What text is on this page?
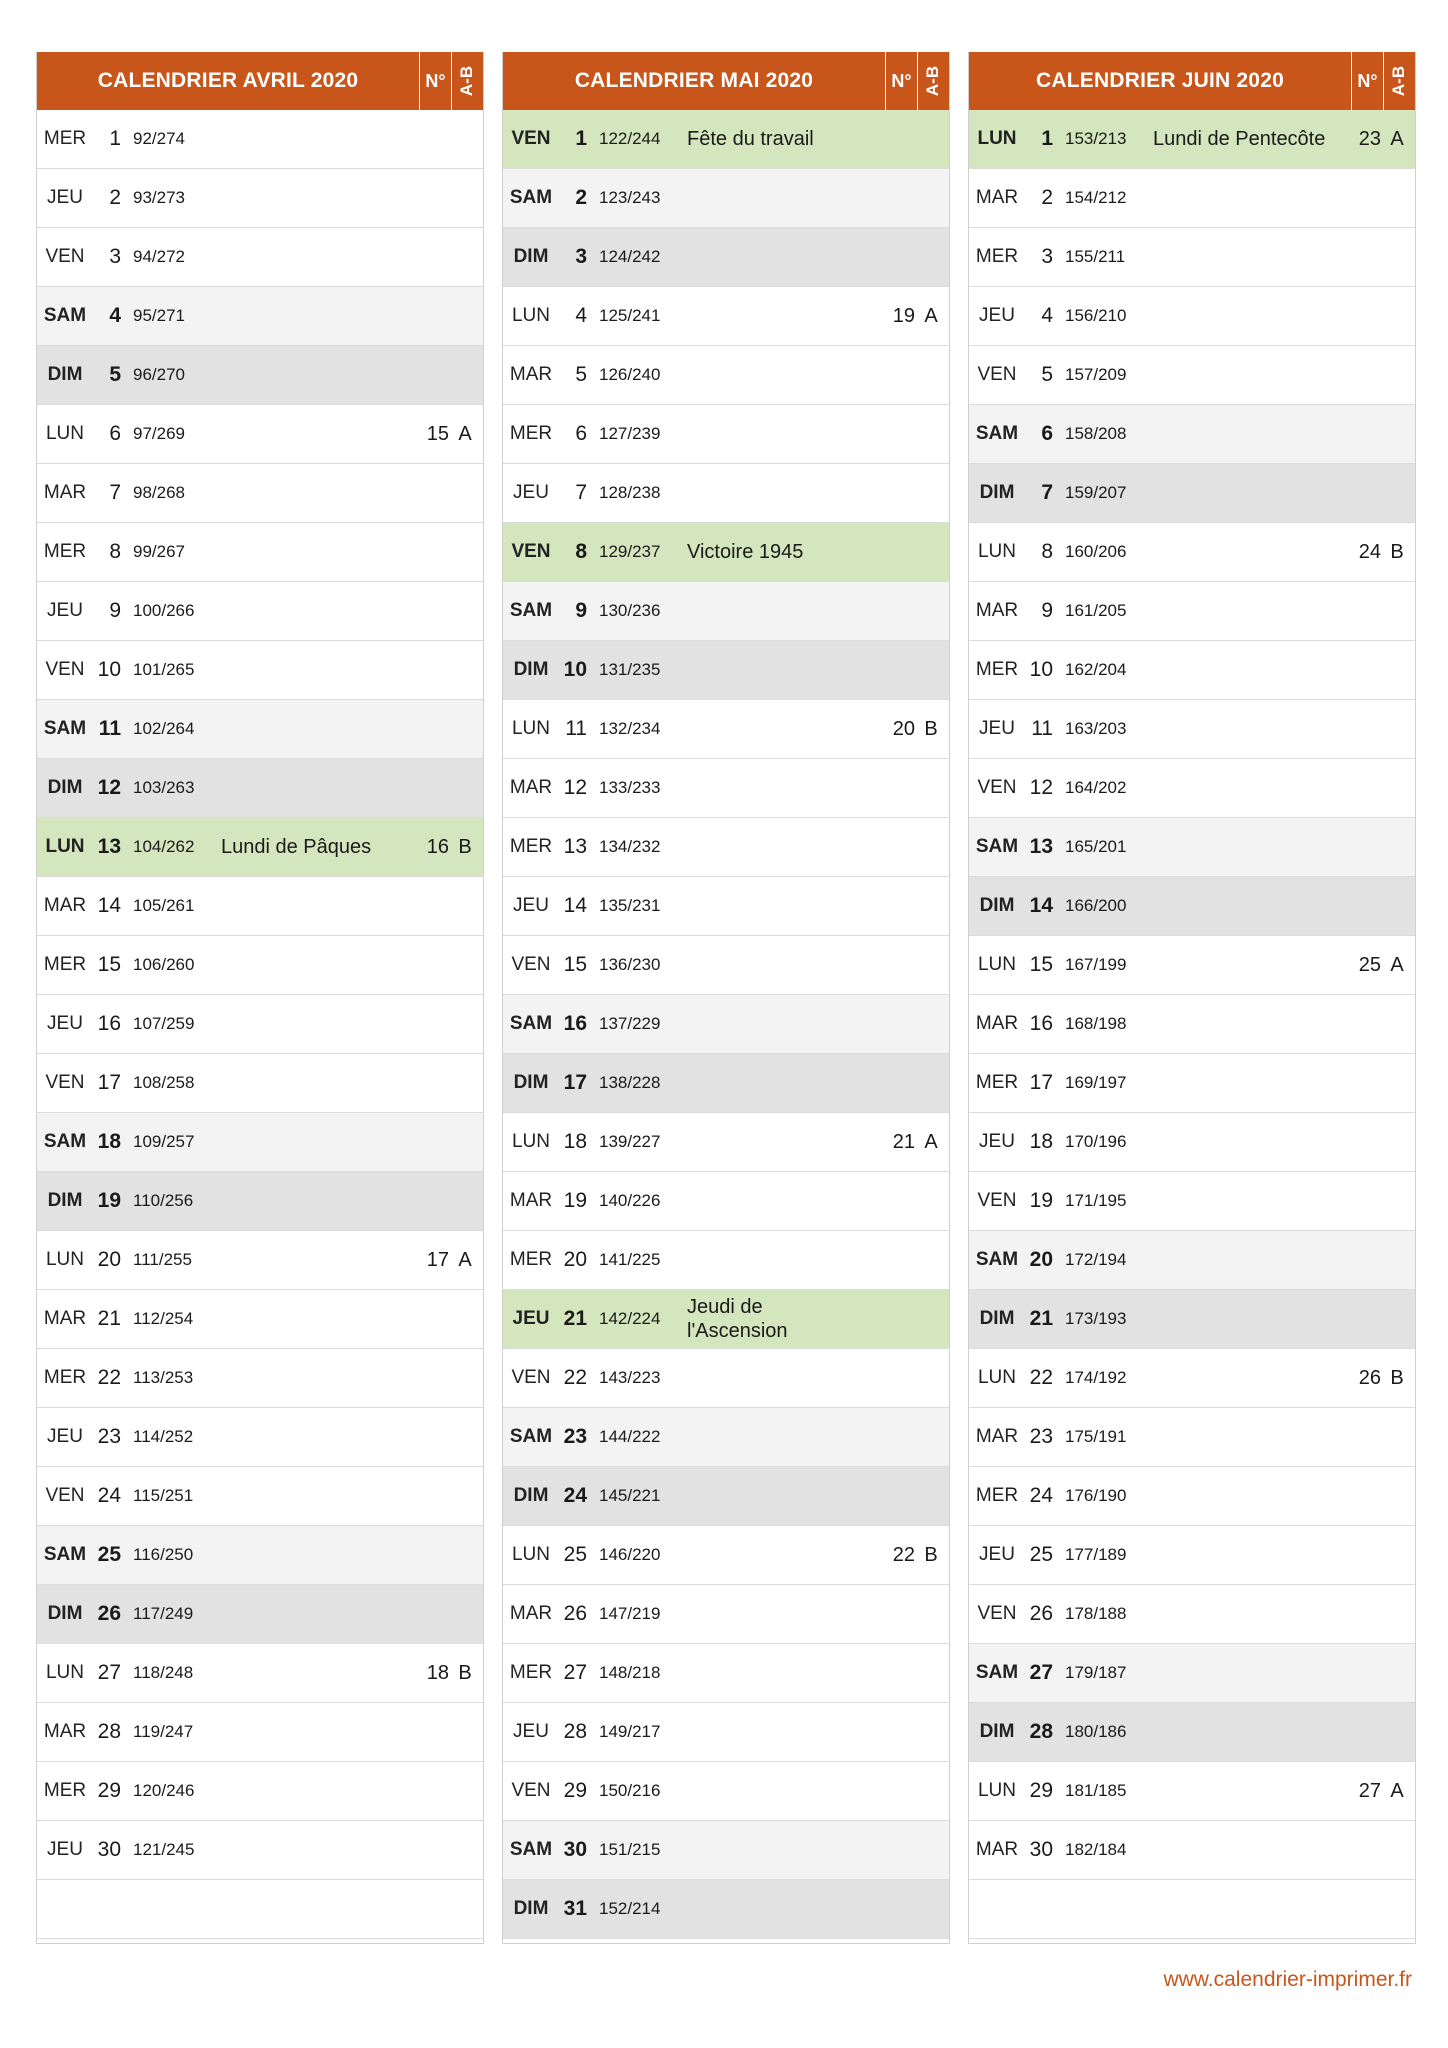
CALENDRIER AVRIL 2020	N° A-B
MER	1 92/274
JEU	2 93/273
VEN	3 94/272
SAM	4 95/271
DIM	5 96/270
LUN	6 97/269	15 A
MAR	7 98/268
MER	8 99/267
JEU	9 100/266
VEN 10 101/265
SAM 11 102/264
DIM 12 103/263
LUN 13 104/262	Lundi de Pâques	16 B
MAR 14 105/261
MER 15 106/260
JEU 16 107/259
VEN 17 108/258
SAM 18 109/257
DIM 19 110/256
LUN 20 111/255	17 A
MAR 21 112/254
MER 22 113/253
JEU 23 114/252
VEN 24 115/251
SAM 25 116/250
DIM 26 117/249
LUN 27 118/248	18 B
MAR 28 119/247
MER 29 120/246
JEU 30 121/245
CALENDRIER MAI 2020	N° A-B
VEN	1 122/244	Fête du travail
SAM	2 123/243
DIM	3 124/242
LUN	4 125/241	19 A
MAR	5 126/240
MER	6 127/239
JEU	7 128/238
VEN	8 129/237	Victoire 1945
SAM	9 130/236
DIM 10 131/235
LUN 11 132/234	20 B
MAR 12 133/233
MER 13 134/232
JEU 14 135/231
VEN 15 136/230
SAM 16 137/229
DIM 17 138/228
LUN 18 139/227	21 A
MAR 19 140/226
MER 20 141/225
JEU 21 142/224
Jeudi de l'Ascension
VEN 22 143/223
SAM 23 144/222
DIM 24 145/221
LUN 25 146/220	22 B
MAR 26 147/219
MER 27 148/218
JEU 28 149/217
VEN 29 150/216
SAM 30 151/215
DIM 31 152/214
CALENDRIER JUIN 2020	N° A-B
LUN	1 153/213	Lundi de Pentecôte	23 A
MAR	2 154/212
MER	3 155/211
JEU	4 156/210
VEN	5 157/209
SAM	6 158/208
DIM	7 159/207
LUN	8 160/206	24 B
MAR	9 161/205
MER 10 162/204
JEU 11 163/203
VEN 12 164/202
SAM 13 165/201
DIM 14 166/200
LUN 15 167/199	25 A
MAR 16 168/198
MER 17 169/197
JEU 18 170/196
VEN 19 171/195
SAM 20 172/194
DIM 21 173/193
LUN 22 174/192	26 B
MAR 23 175/191
MER 24 176/190
JEU 25 177/189
VEN 26 178/188
SAM 27 179/187
DIM 28 180/186
LUN 29 181/185	27 A
MAR 30 182/184
www.calendrier-imprimer.fr
